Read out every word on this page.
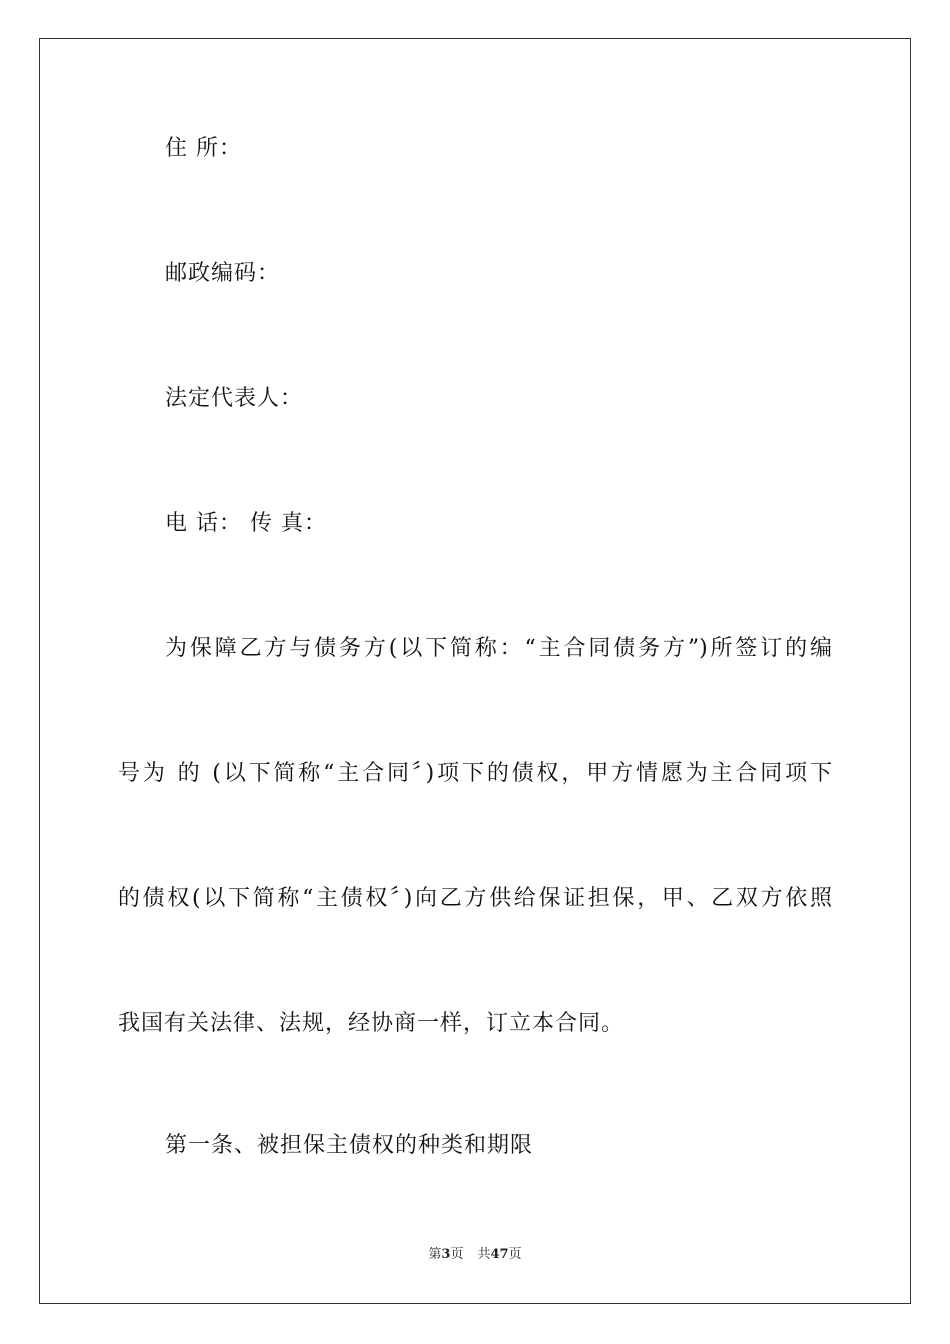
住 所：
邮政编码：
法定代表人：
电 话： 传 真：
为保障乙方与债务方(以下简称：“主合同债务方”)所签订的编
号为 的 (以下简称“主合同〞)项下的债权，甲方情愿为主合同项下
的债权(以下简称“主债权〞)向乙方供给保证担保，甲、乙双方依照
我国有关法律、法规，经协商一样，订立本合同。
第一条、被担保主债权的种类和期限
第3页 共47页
